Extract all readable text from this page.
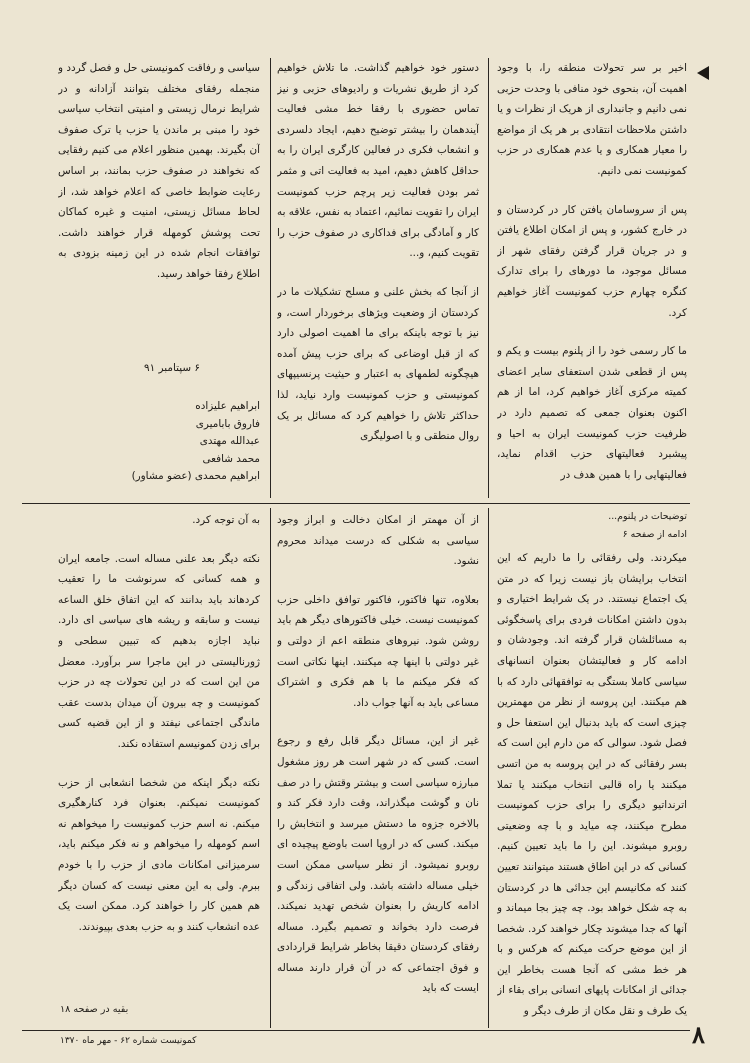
اخیر بر سر تحولات منطقه را، با وجود اهمیت آن، بنحوی خود منافی با وحدت حزبی نمی دانیم و جانبداری از هریک از نظرات و یا داشتن ملاحظات انتقادی بر هر یک از مواضع را معیار همکاری و یا عدم همکاری در حزب کمونیست نمی دانیم.

پس از سروسامان یافتن کار در کردستان و در خارج کشور، و پس از امکان اطلاع یافتن و در جریان قرار گرفتن رفقای شهر از مسائل موجود، ما دورهای را برای تدارک کنگره چهارم حزب کمونیست آغاز خواهیم کرد.

ما کار رسمی خود را از پلنوم بیست و یکم و پس از قطعی شدن استعفای سایر اعضای کمیته مرکزی آغاز خواهیم کرد، اما از هم اکنون بعنوان جمعی که تصمیم دارد در ظرفیت حزب کمونیست ایران به احیا و پیشبرد فعالیتهای حزب اقدام نماید، فعالیتهایی را با همین هدف در

دستور خود خواهیم گذاشت. ما تلاش خواهیم کرد از طریق نشریات و رادیوهای حزبی و نیز تماس حضوری با رفقا خط مشی فعالیت آیندهمان را بیشتر توضیح دهیم، ایجاد دلسردی و انشعاب فکری در فعالین کارگری ایران را به حداقل کاهش دهیم، امید به فعالیت اتی و مثمر ثمر بودن فعالیت زیر پرچم حزب کمونیست ایران را تقویت نمائیم، اعتماد به نفس، علاقه به کار و آمادگی برای فداکاری در صفوف حزب را تقویت کنیم، و...

از آنجا که بخش علنی و مسلح تشکیلات ما در کردستان از وضعیت ویژهای برخوردار است، و نیز با توجه باینکه برای ما اهمیت اصولی دارد که از قبل اوضاعی که برای حزب پیش آمده هیچگونه لطمهای به اعتبار و حیثیت پرنسیپهای کمونیستی و حزب کمونیست وارد نیاید، لذا حداکثر تلاش را خواهیم کرد که مسائل بر یک روال منطقی و با اصولیگری

سیاسی و رفاقت کمونیستی حل و فصل گردد و منجمله رفقای مختلف بتوانند آزادانه و در شرایط نرمال زیستی و امنیتی انتخاب سیاسی خود را مبنی بر ماندن یا حزب یا ترک صفوف آن بگیرند. بهمین منظور اعلام می کنیم رفقایی که نخواهند در صفوف حزب بمانند، بر اساس رعایت ضوابط خاصی که اعلام خواهد شد، از لحاظ مسائل زیستی، امنیت و غیره کماکان تحت پوشش کومهله قرار خواهند داشت. توافقات انجام شده در این زمینه بزودی به اطلاع رفقا خواهد رسید.

۶ سپتامبر ۹۱
ابراهیم علیزاده
فاروق بابامیری
عبدالله مهتدی
محمد شافعی
ابراهیم محمدی (عضو مشاور)
توضیحات در پلنوم...
ادامه از صفحه ۶

میکردند. ولی رفقائی را ما داریم که این انتخاب برایشان باز نیست زیرا که در متن یک اجتماع نیستند. در یک شرایط اختیاری و بدون داشتن امکانات فردی برای پاسخگوئی به مسائلشان قرار گرفته اند. وجودشان و ادامه کار و فعالیتشان بعنوان انسانهای سیاسی کاملا بستگی به توافقهائی دارد که با هم میکنند. این پروسه از نظر من مهمترین چیزی است که باید بدنبال این استعفا حل و فصل شود. سوالی که من دارم این است که بسر رفقائی که در این پروسه به من اتسی میکنند یا راه قالبی انتخاب میکنند یا تملا اترنداتیو دیگری را برای حزب کمونیست مطرح میکنند، چه میاید و با چه وضعیتی روبرو میشوند. این را ما باید تعیین کنیم. کسانی که در این اطاق هستند میتوانند تعیین کنند که مکانیسم این جدائی ها در کردستان به چه شکل خواهد بود. چه چیز بجا میماند و آنها که جدا میشوند چکار خواهند کرد. شخصا از این موضع حرکت میکنم که هرکس و با هر خط مشی که آنجا هست بخاطر این جدائی از امکانات پایهای انسانی برای بقاء از یک طرف و نقل مکان از طرف دیگر و

از آن مهمتر از امکان دخالت و ابراز وجود سیاسی به شکلی که درست میداند محروم نشود.

بعلاوه، تنها فاکتور، فاکتور توافق داخلی حزب کمونیست نیست. خیلی فاکتورهای دیگر هم باید روشن شود. نیروهای منطقه اعم از دولتی و غیر دولتی با اینها چه میکنند. اینها نکاتی است که فکر میکنم ما با هم فکری و اشتراک مساعی باید به آنها جواب داد.

غیر از این، مسائل دیگر قابل رفع و رجوع است. کسی که در شهر است هر روز مشغول مبارزه سیاسی است و بیشتر وقتش را در صف نان و گوشت میگذراند، وقت دارد فکر کند و بالاخره جزوه ما دستش میرسد و انتخابش را میکند. کسی که در اروپا است باوضع پیچیده ای روبرو نمیشود. از نظر سیاسی ممکن است خیلی مساله داشته باشد. ولی اتفاقی زندگی و ادامه کاریش را بعنوان شخص تهدید نمیکند. فرصت دارد بخواند و تصمیم بگیرد. مساله رفقای کردستان دقیقا بخاطر شرایط قراردادی و فوق اجتماعی که در آن قرار دارند مساله ایست که باید

به آن توجه کرد.

نکته دیگر بعد علنی مساله است. جامعه ایران و همه کسانی که سرنوشت ما را تعقیب کردهاند باید بدانند که این اتفاق خلق الساعه نیست و سابقه و ریشه های سیاسی ای دارد. نباید اجازه بدهیم که تبیین سطحی و ژورنالیستی در این ماجرا سر برآورد. معضل من این است که در این تحولات چه در حزب کمونیست و چه بیرون آن میدان بدست عقب ماندگی اجتماعی نیفتد و از این قضیه کسی برای زدن کمونیسم استفاده نکند.

نکته دیگر اینکه من شخصا انشعابی از حزب کمونیست نمیکنم. بعنوان فرد کنارهگیری میکنم. نه اسم حزب کمونیست را میخواهم نه اسم کومهله را میخواهم و نه فکر میکنم باید، سرمیزانی امکانات مادی از حزب را با خودم ببرم. ولی به این معنی نیست که کسان دیگر هم همین کار را خواهند کرد. ممکن است یک عده انشعاب کنند و به حزب بعدی بپیوندند.

بقیه در صفحه ۱۸
کمونیست شماره ۶۲ - مهر ماه ۱۳۷۰	۸
